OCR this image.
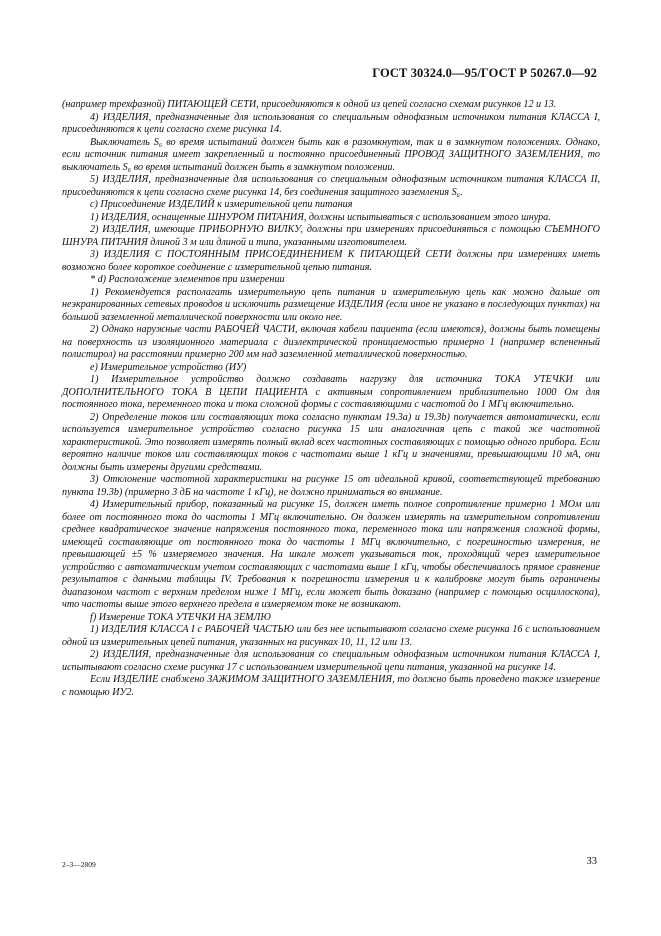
ГОСТ 30324.0—95/ГОСТ Р 50267.0—92

(например трехфазной) ПИТАЮЩЕЙ СЕТИ, присоединяются к одной из цепей согласно схемам рисунков 12 и 13.

4) ИЗДЕЛИЯ, предназначенные для использования со специальным однофазным источником питания КЛАССА I, присоединяются к цепи согласно схеме рисунка 14.

Выключатель S₆ во время испытаний должен быть как в разомкнутом, так и в замкнутом положениях. Однако, если источник питания имеет закрепленный и постоянно присоединенный ПРОВОД ЗАЩИТНОГО ЗАЗЕМЛЕНИЯ, то выключатель S₆ во время испытаний должен быть в замкнутом положении.

5) ИЗДЕЛИЯ, предназначенные для использования со специальным однофазным источником питания КЛАССА II, присоединяются к цепи согласно схеме рисунка 14, без соединения защитного заземления S₆.

c) Присоединение ИЗДЕЛИЙ к измерительной цепи питания

1) ИЗДЕЛИЯ, оснащенные ШНУРОМ ПИТАНИЯ, должны испытываться с использованием этого шнура.

2) ИЗДЕЛИЯ, имеющие ПРИБОРНУЮ ВИЛКУ, должны при измерениях присоединяться с помощью СЪЕМНОГО ШНУРА ПИТАНИЯ длиной 3 м или длиной и типа, указанными изготовителем.

3) ИЗДЕЛИЯ С ПОСТОЯННЫМ ПРИСОЕДИНЕНИЕМ К ПИТАЮЩЕЙ СЕТИ должны при измерениях иметь возможно более короткое соединение с измерительной цепью питания.

* d) Расположение элементов при измерении

1) Рекомендуется располагать измерительную цепь питания и измерительную цепь как можно дальше от неэкранированных сетевых проводов и исключить размещение ИЗДЕЛИЯ (если иное не указано в последующих пунктах) на большой заземленной металлической поверхности или около нее.

2) Однако наружные части РАБОЧЕЙ ЧАСТИ, включая кабели пациента (если имеются), должны быть помещены на поверхность из изоляционного материала с диэлектрической проницаемостью примерно 1 (например вспененный полистирол) на расстоянии примерно 200 мм над заземленной металлической поверхностью.

e) Измерительное устройство (ИУ)

1) Измерительное устройство должно создавать нагрузку для источника ТОКА УТЕЧКИ или ДОПОЛНИТЕЛЬНОГО ТОКА В ЦЕПИ ПАЦИЕНТА с активным сопротивлением приблизительно 1000 Ом для постоянного тока, переменного тока и тока сложной формы с составляющими с частотой до 1 МГц включительно.

2) Определение токов или составляющих тока согласно пунктам 19.3a) и 19.3b) получается автоматически, если используется измерительное устройство согласно рисунка 15 или аналогичная цепь с такой же частотной характеристикой. Это позволяет измерять полный вклад всех частотных составляющих с помощью одного прибора. Если вероятно наличие токов или составляющих токов с частотами выше 1 кГц и значениями, превышающими 10 мА, они должны быть измерены другими средствами.

3) Отклонение частотной характеристики на рисунке 15 от идеальной кривой, соответствующей требованию пункта 19.3b) (примерно 3 дБ на частоте 1 кГц), не должно приниматься во внимание.

4) Измерительный прибор, показанный на рисунке 15, должен иметь полное сопротивление примерно 1 МОм или более от постоянного тока до частоты 1 МГц включительно. Он должен измерять на измерительном сопротивлении среднее квадратическое значение напряжения постоянного тока, переменного тока или напряжения сложной формы, имеющей составляющие от постоянного тока до частоты 1 МГц включительно, с погрешностью измерения, не превышающей ±5 % измеряемого значения. На шкале может указываться ток, проходящий через измерительное устройство с автоматическим учетом составляющих с частотами выше 1 кГц, чтобы обеспечивалось прямое сравнение результатов с данными таблицы IV. Требования к погрешности измерения и к калибровке могут быть ограничены диапазоном частот с верхним пределом ниже 1 МГц, если может быть доказано (например с помощью осциллоскопа), что частоты выше этого верхнего предела в измеряемом токе не возникают.

f) Измерение ТОКА УТЕЧКИ НА ЗЕМЛЮ

1) ИЗДЕЛИЯ КЛАССА I с РАБОЧЕЙ ЧАСТЬЮ или без нее испытывают согласно схеме рисунка 16 с использованием одной из измерительных цепей питания, указанных на рисунках 10, 11, 12 или 13.

2) ИЗДЕЛИЯ, предназначенные для использования со специальным однофазным источником питания КЛАССА I, испытывают согласно схеме рисунка 17 с использованием измерительной цепи питания, указанной на рисунке 14.

Если ИЗДЕЛИЕ снабжено ЗАЖИМОМ ЗАЩИТНОГО ЗАЗЕМЛЕНИЯ, то должно быть проведено также измерение с помощью ИУ2.

2–3—2809	33
